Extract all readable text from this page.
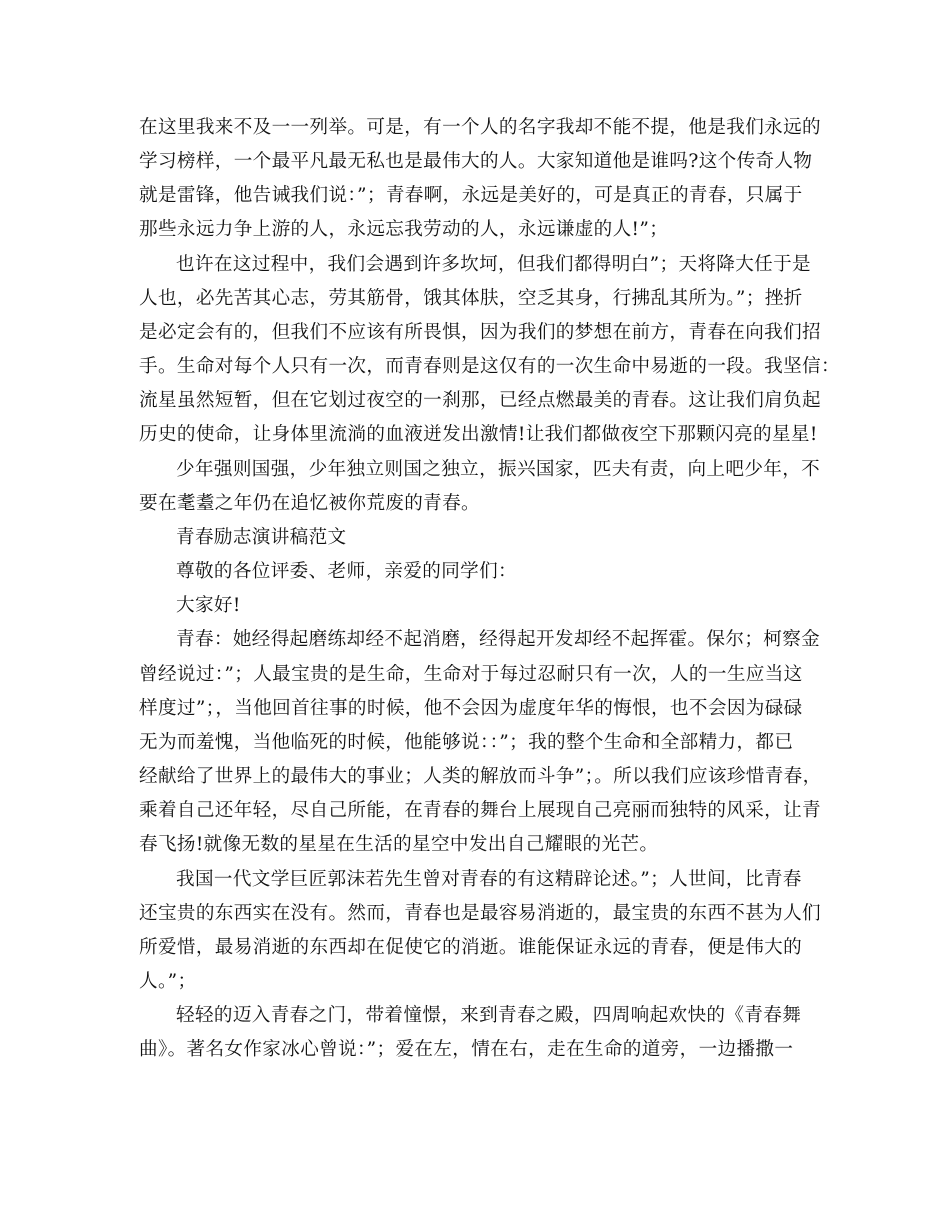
在这里我来不及一一列举。可是，有一个人的名字我却不能不提，他是我们永远的
学习榜样，一个最平凡最无私也是最伟大的人。大家知道他是谁吗?这个传奇人物
就是雷锋，他告诫我们说：”；青春啊，永远是美好的，可是真正的青春，只属于
那些永远力争上游的人，永远忘我劳动的人，永远谦虚的人!”；
也许在这过程中，我们会遇到许多坎坷，但我们都得明白”；天将降大任于是
人也，必先苦其心志，劳其筋骨，饿其体肤，空乏其身，行拂乱其所为。”；挫折
是必定会有的，但我们不应该有所畏惧，因为我们的梦想在前方，青春在向我们招
手。生命对每个人只有一次，而青春则是这仅有的一次生命中易逝的一段。我坚信：
流星虽然短暂，但在它划过夜空的一刹那，已经点燃最美的青春。这让我们肩负起
历史的使命，让身体里流淌的血液迸发出激情!让我们都做夜空下那颗闪亮的星星!
少年强则国强，少年独立则国之独立，振兴国家，匹夫有责，向上吧少年，不
要在耄耋之年仍在追忆被你荒废的青春。
青春励志演讲稿范文
尊敬的各位评委、老师，亲爱的同学们：
大家好!
青春：她经得起磨练却经不起消磨，经得起开发却经不起挥霍。保尔；柯察金
曾经说过：”；人最宝贵的是生命，生命对于每过忍耐只有一次，人的一生应当这
样度过”；，当他回首往事的时候，他不会因为虚度年华的悔恨，也不会因为碌碌
无为而羞愧，当他临死的时候，他能够说：：”；我的整个生命和全部精力，都已
经献给了世界上的最伟大的事业；人类的解放而斗争”；。所以我们应该珍惜青春，
乘着自己还年轻，尽自己所能，在青春的舞台上展现自己亮丽而独特的风采，让青
春飞扬!就像无数的星星在生活的星空中发出自己耀眼的光芒。
我国一代文学巨匠郭沫若先生曾对青春的有这精辟论述。”；人世间，比青春
还宝贵的东西实在没有。然而，青春也是最容易消逝的，最宝贵的东西不甚为人们
所爱惜，最易消逝的东西却在促使它的消逝。谁能保证永远的青春，便是伟大的
人。”；
轻轻的迈入青春之门，带着憧憬，来到青春之殿，四周响起欢快的《青春舞
曲》。著名女作家冰心曾说：”；爱在左，情在右，走在生命的道旁，一边播撒一
